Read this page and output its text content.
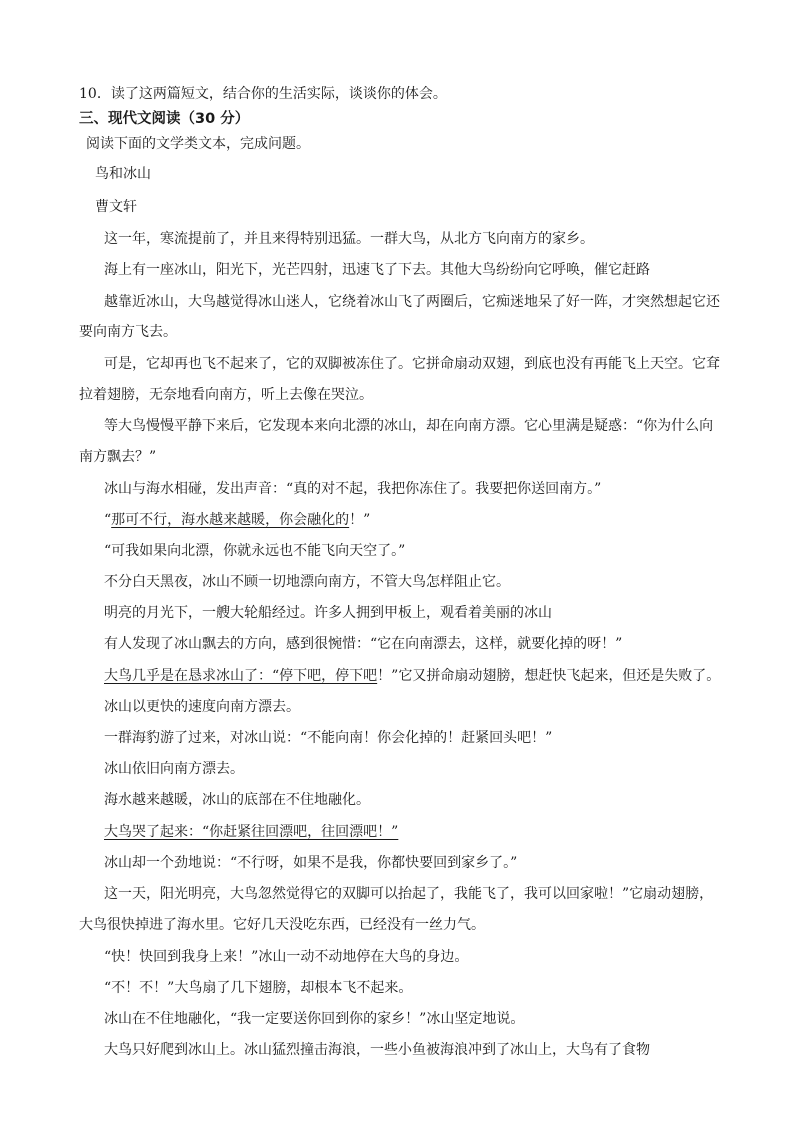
10．读了这两篇短文，结合你的生活实际，谈谈你的体会。
三、现代文阅读（30 分）
阅读下面的文学类文本，完成问题。
鸟和冰山
曹文轩
这一年，寒流提前了，并且来得特别迅猛。一群大鸟，从北方飞向南方的家乡。
海上有一座冰山，阳光下，光芒四射，迅速飞了下去。其他大鸟纷纷向它呼唤，催它赶路
越靠近冰山，大鸟越觉得冰山迷人，它绕着冰山飞了两圈后，它痴迷地呆了好一阵，才突然想起它还
要向南方飞去。
可是，它却再也飞不起来了，它的双脚被冻住了。它拼命扇动双翅，到底也没有再能飞上天空。它耷
拉着翅膀，无奈地看向南方，听上去像在哭泣。
等大鸟慢慢平静下来后，它发现本来向北漂的冰山，却在向南方漂。它心里满是疑惑：“你为什么向
南方飘去？”
冰山与海水相碰，发出声音：“真的对不起，我把你冻住了。我要把你送回南方。”
“那可不行，海水越来越暖，你会融化的！”
“可我如果向北漂，你就永远也不能飞向天空了。”
不分白天黑夜，冰山不顾一切地漂向南方，不管大鸟怎样阻止它。
明亮的月光下，一艘大轮船经过。许多人拥到甲板上，观看着美丽的冰山
有人发现了冰山飘去的方向，感到很惋惜：“它在向南漂去，这样，就要化掉的呀！”
大鸟几乎是在恳求冰山了：“停下吧，停下吧！”它又拼命扇动翅膀，想赶快飞起来，但还是失败了。
冰山以更快的速度向南方漂去。
一群海豹游了过来，对冰山说：“不能向南！你会化掉的！赶紧回头吧！”
冰山依旧向南方漂去。
海水越来越暖，冰山的底部在不住地融化。
大鸟哭了起来：“你赶紧往回漂吧，往回漂吧！”
冰山却一个劲地说：“不行呀，如果不是我，你都快要回到家乡了。”
这一天，阳光明亮，大鸟忽然觉得它的双脚可以抬起了，我能飞了，我可以回家啦！”它扇动翅膀，
大鸟很快掉进了海水里。它好几天没吃东西，已经没有一丝力气。
“快！快回到我身上来！”冰山一动不动地停在大鸟的身边。
“不！不！”大鸟扇了几下翅膀，却根本飞不起来。
冰山在不住地融化，“我一定要送你回到你的家乡！”冰山坚定地说。
大鸟只好爬到冰山上。冰山猛烈撞击海浪，一些小鱼被海浪冲到了冰山上，大鸟有了食物
